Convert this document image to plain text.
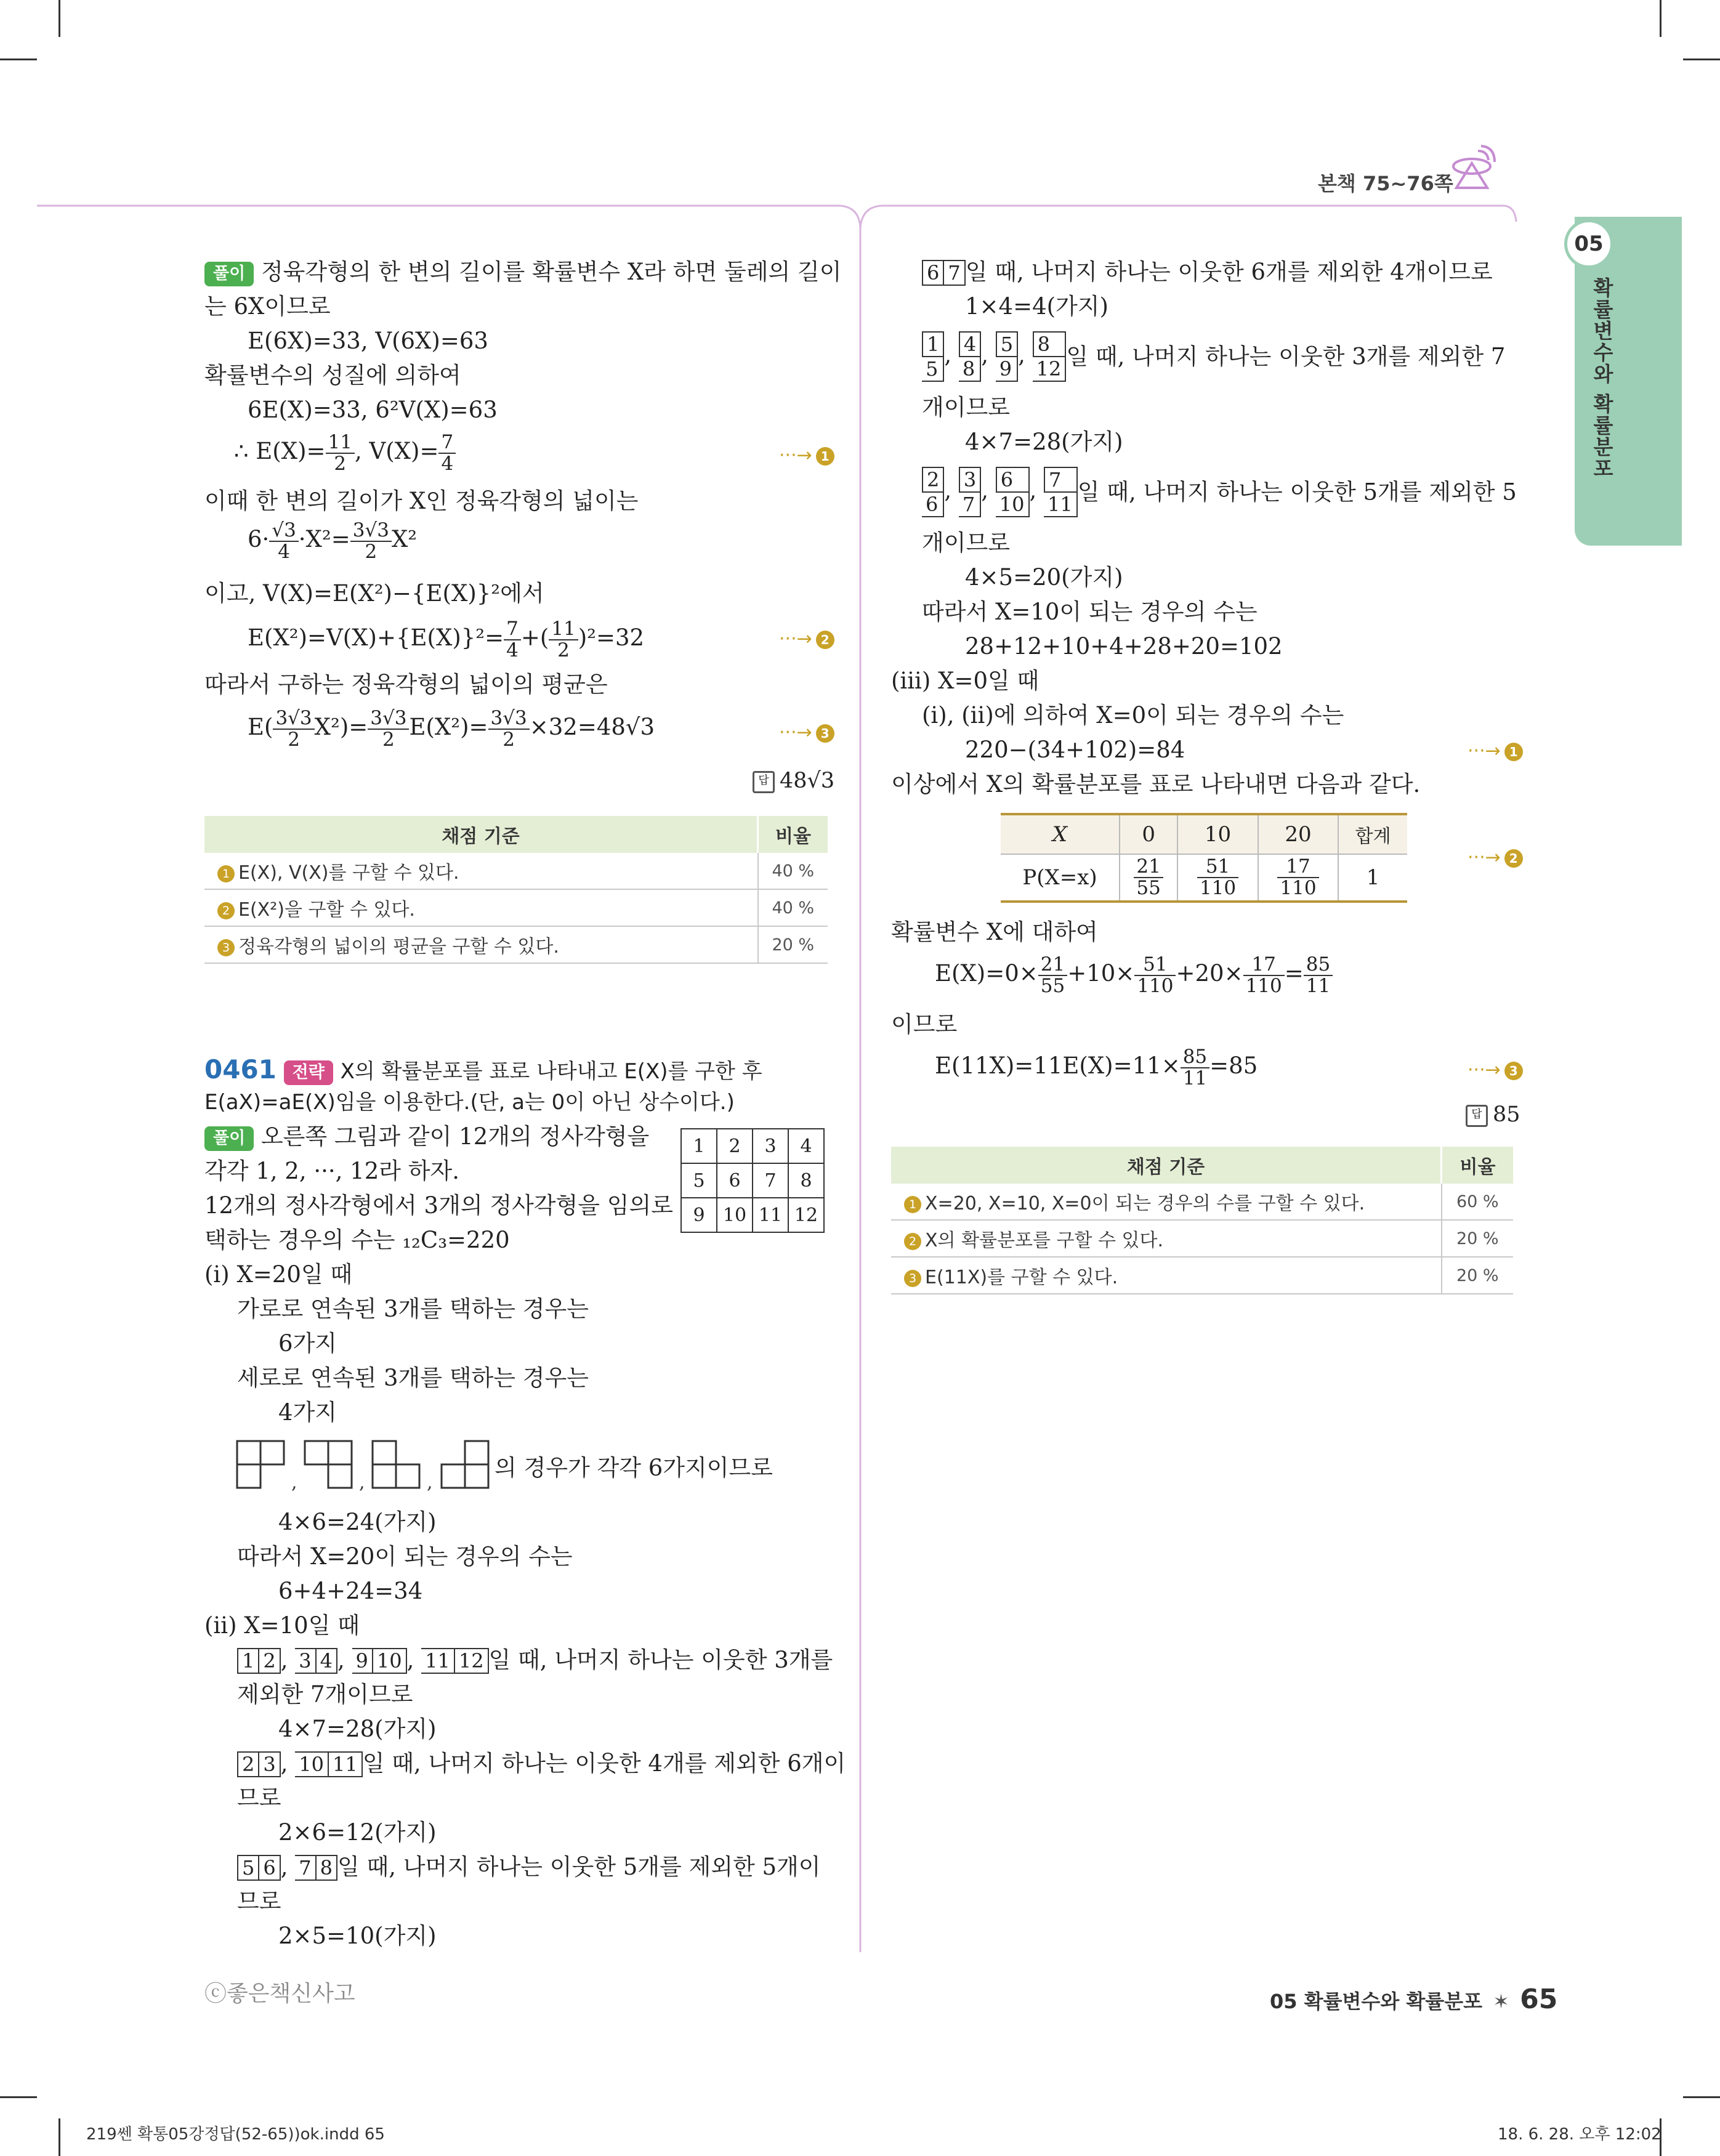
본책 75~76쪽
05
확률변수와 확률분포
풀이 정육각형의 한 변의 길이를 확률변수 X라 하면 둘레의 길이
는 6X이므로
E(6X)=33, V(6X)=63
확률변수의 성질에 의하여
6E(X)=33, 6²V(X)=63
∴ $E(X)= \frac{11}{2}$ , $V(X)= \frac{7}{4}$	···→ 1
이때 한 변의 길이가 X인 정육각형의 넓이는
$6\cdot \frac{√3}{4} \cdot X^2= \frac{3√3}{2} X^2$
이고, V(X)=E(X²)−{E(X)}²에서
$E(X^2)=V(X)+\{E(X)\}^2= \frac{7}{4}$ +( $\frac{11}{2} )^2=32$	···→ 2
따라서 구하는 정육각형의 넓이의 평균은
$E( \frac{3√3}{2} X^2)= \frac{3√3}{2} E(X^2)= \frac{3√3}{2} \times 32=48√3$	···→ 3
답 48√3
채점 기준	비율
1 E(X), V(X)를 구할 수 있다.	40 %
2 E(X²)을 구할 수 있다.	40 %
3 정육각형의 넓이의 평균을 구할 수 있다.	20 %
0461 전략 X의 확률분포를 표로 나타내고 E(X)를 구한 후
E(aX)=aE(X)임을 이용한다.(단, a는 0이 아닌 상수이다.)
풀이 오른쪽 그림과 같이 12개의 정사각형을
각각 1, 2, ···, 12라 하자.
12개의 정사각형에서 3개의 정사각형을 임의로
택하는 경우의 수는 ₁₂C₃=220
1	2	3	4
5	6	7	8
9	10	11	12
(ⅰ) X=20일 때
가로로 연속된 3개를 택하는 경우는
6가지
세로로 연속된 3개를 택하는 경우는
4가지
,	,	,
의 경우가 각각 6가지이므로
4×6=24(가지)
따라서 X=20이 되는 경우의 수는
6+4+24=34
(ⅱ) X=10일 때
1 2 , 3 4 , 9 10 , 11 12 일 때, 나머지 하나는 이웃한 3개를
제외한 7개이므로
4×7=28(가지)
2 3 , 10 11 일 때, 나머지 하나는 이웃한 4개를 제외한 6개이
므로
2×6=12(가지)
5 6 , 7 8 일 때, 나머지 하나는 이웃한 5개를 제외한 5개이
므로
2×5=10(가지)
6 7 일 때, 나머지 하나는 이웃한 6개를 제외한 4개이므로
1×4=4(가지)
$\frac{1}{5}$ , $\frac{4}{8}$ , $\frac{5}{9}$ , $\frac{8}{12}$ 일 때, 나머지 하나는 이웃한 3개를 제외한 7
개이므로
4×7=28(가지)
$\frac{2}{6}$ , $\frac{3}{7}$ , $\frac{6}{10}$ , $\frac{7}{11}$ 일 때, 나머지 하나는 이웃한 5개를 제외한 5
개이므로
4×5=20(가지)
따라서 X=10이 되는 경우의 수는
28+12+10+4+28+20=102
(ⅲ) X=0일 때
(ⅰ), (ⅱ)에 의하여 X=0이 되는 경우의 수는
220−(34+102)=84	···→ 1
이상에서 X의 확률분포를 표로 나타내면 다음과 같다.
X	0	10	20	합계
P(X=x)	$\frac{21}{55}$	$\frac{51}{110}$	$\frac{17}{110}$	1
···→ 2
확률변수 X에 대하여
$E(X)=0\times \frac{21}{55} +10\times \frac{51}{110} +20\times \frac{17}{110} = \frac{85}{11}$
이므로
$E(11X)=11E(X)=11\times \frac{85}{11} =85$	···→ 3
답 85
채점 기준	비율
1 X=20, X=10, X=0이 되는 경우의 수를 구할 수 있다.	60 %
2 X의 확률분포를 구할 수 있다.	20 %
3 E(11X)를 구할 수 있다.	20 %
ⓒ좋은책신사고	05 확률변수와 확률분포 ✶ 65
219쎈 확통05강정답(52-65))ok.indd 65	18. 6. 28. 오후 12:02
